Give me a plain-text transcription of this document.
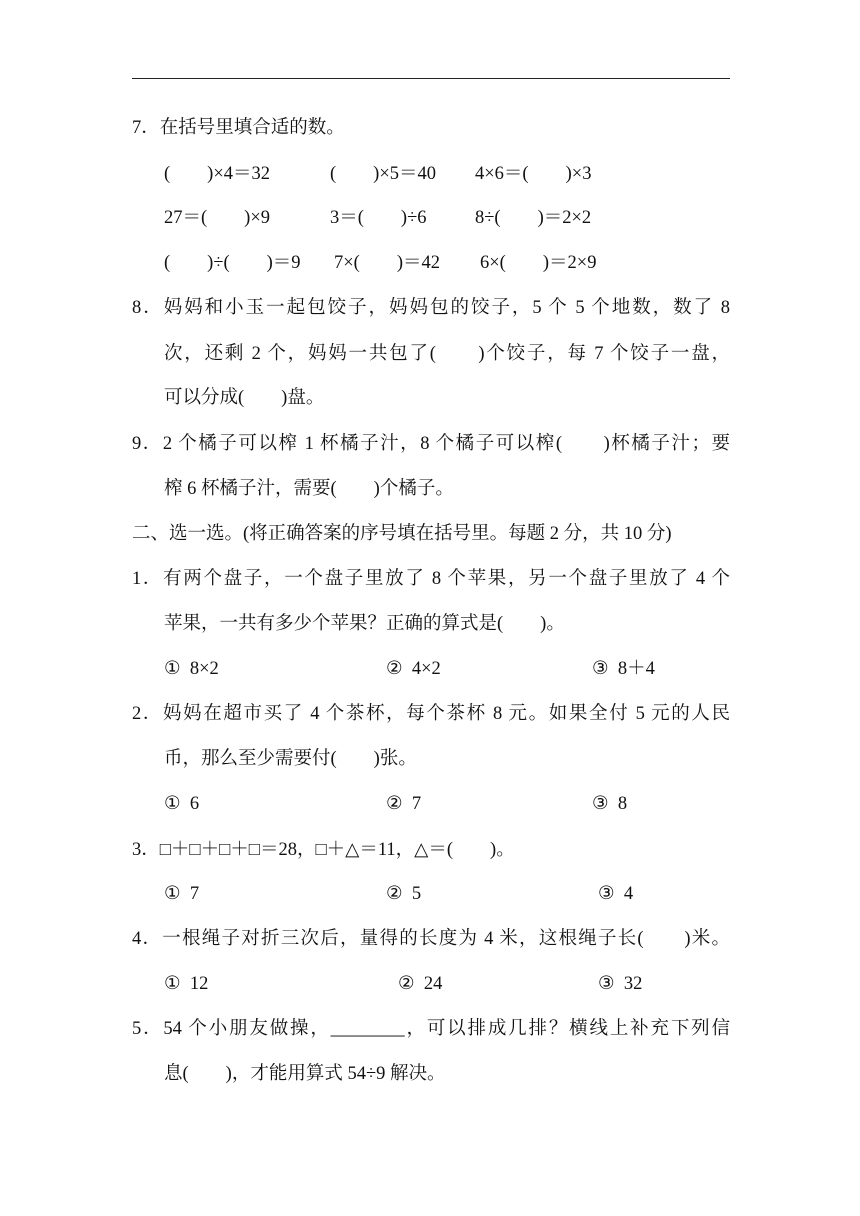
7．在括号里填合适的数。
(　　)×4＝32	(　　)×5＝40 4×6＝(　　)×3
27＝(　　)×9	3＝(　　)÷6	8÷(　　)＝2×2
(　　)÷(　　)＝9 7×(　　)＝42 6×(　　)＝2×9
8．妈妈和小玉一起包饺子，妈妈包的饺子，5 个 5 个地数，数了 8
次，还剩 2 个，妈妈一共包了(　　)个饺子，每 7 个饺子一盘，
可以分成(　　)盘。
9．2 个橘子可以榨 1 杯橘子汁，8 个橘子可以榨(　　)杯橘子汁；要
榨 6 杯橘子汁，需要(　　)个橘子。
二、选一选。(将正确答案的序号填在括号里。每题 2 分，共 10 分)
1．有两个盘子，一个盘子里放了 8 个苹果，另一个盘子里放了 4 个
苹果，一共有多少个苹果？正确的算式是(　　)。
①  8×2	②  4×2	③  8＋4
2．妈妈在超市买了 4 个茶杯，每个茶杯 8 元。如果全付 5 元的人民
币，那么至少需要付(　　)张。
①  6	②  7	③  8
3．□＋□＋□＋□＝28，□＋△＝11，△＝(　　)。
①  7	②  5	③  4
4．一根绳子对折三次后，量得的长度为 4 米，这根绳子长(　　)米。
①  12	②  24	③  32
5．54 个小朋友做操，________，可以排成几排？横线上补充下列信
息(　　)，才能用算式 54÷9 解决。
